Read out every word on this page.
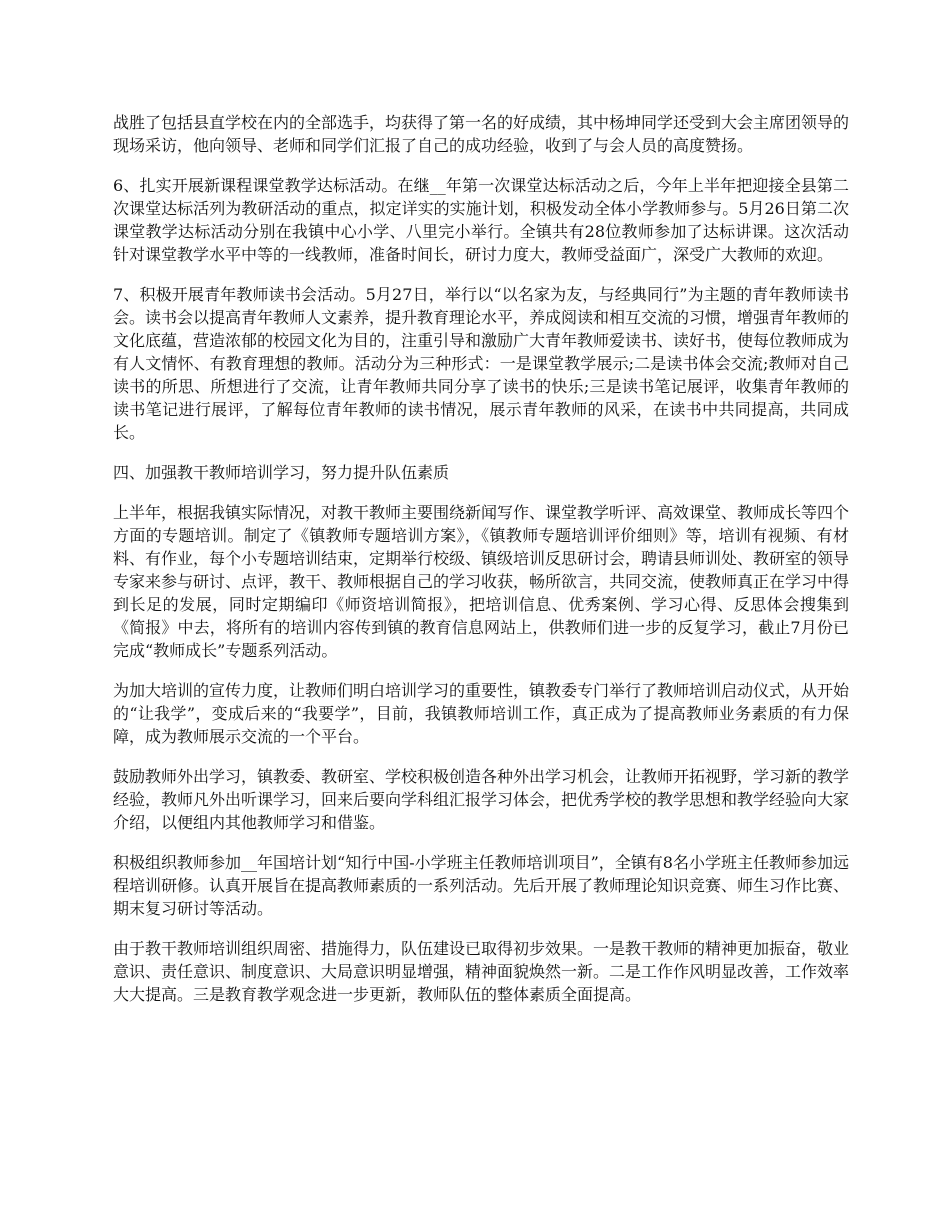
战胜了包括县直学校在内的全部选手，均获得了第一名的好成绩，其中杨坤同学还受到大会主席团领导的现场采访，他向领导、老师和同学们汇报了自己的成功经验，收到了与会人员的高度赞扬。

6、扎实开展新课程课堂教学达标活动。在继__年第一次课堂达标活动之后，今年上半年把迎接全县第二次课堂达标活列为教研活动的重点，拟定详实的实施计划，积极发动全体小学教师参与。5月26日第二次课堂教学达标活动分别在我镇中心小学、八里完小举行。全镇共有28位教师参加了达标讲课。这次活动针对课堂教学水平中等的一线教师，准备时间长，研讨力度大，教师受益面广，深受广大教师的欢迎。

7、积极开展青年教师读书会活动。5月27日，举行以“以名家为友，与经典同行”为主题的青年教师读书会。读书会以提高青年教师人文素养，提升教育理论水平，养成阅读和相互交流的习惯，增强青年教师的文化底蕴，营造浓郁的校园文化为目的，注重引导和激励广大青年教师爱读书、读好书，使每位教师成为有人文情怀、有教育理想的教师。活动分为三种形式：一是课堂教学展示;二是读书体会交流;教师对自己读书的所思、所想进行了交流，让青年教师共同分享了读书的快乐;三是读书笔记展评，收集青年教师的读书笔记进行展评，了解每位青年教师的读书情况，展示青年教师的风采，在读书中共同提高，共同成长。

四、加强教干教师培训学习，努力提升队伍素质

上半年，根据我镇实际情况，对教干教师主要围绕新闻写作、课堂教学听评、高效课堂、教师成长等四个方面的专题培训。制定了《镇教师专题培训方案》，《镇教师专题培训评价细则》等，培训有视频、有材料、有作业，每个小专题培训结束，定期举行校级、镇级培训反思研讨会，聘请县师训处、教研室的领导专家来参与研讨、点评，教干、教师根据自己的学习收获，畅所欲言，共同交流，使教师真正在学习中得到长足的发展，同时定期编印《师资培训简报》，把培训信息、优秀案例、学习心得、反思体会搜集到《简报》中去，将所有的培训内容传到镇的教育信息网站上，供教师们进一步的反复学习，截止7月份已完成“教师成长”专题系列活动。

为加大培训的宣传力度，让教师们明白培训学习的重要性，镇教委专门举行了教师培训启动仪式，从开始的“让我学”，变成后来的“我要学”，目前，我镇教师培训工作，真正成为了提高教师业务素质的有力保障，成为教师展示交流的一个平台。

鼓励教师外出学习，镇教委、教研室、学校积极创造各种外出学习机会，让教师开拓视野，学习新的教学经验，教师凡外出听课学习，回来后要向学科组汇报学习体会，把优秀学校的教学思想和教学经验向大家介绍，以便组内其他教师学习和借鉴。

积极组织教师参加__年国培计划“知行中国-小学班主任教师培训项目”，全镇有8名小学班主任教师参加远程培训研修。认真开展旨在提高教师素质的一系列活动。先后开展了教师理论知识竞赛、师生习作比赛、期末复习研讨等活动。

由于教干教师培训组织周密、措施得力，队伍建设已取得初步效果。一是教干教师的精神更加振奋，敬业意识、责任意识、制度意识、大局意识明显增强，精神面貌焕然一新。二是工作作风明显改善，工作效率大大提高。三是教育教学观念进一步更新，教师队伍的整体素质全面提高。
